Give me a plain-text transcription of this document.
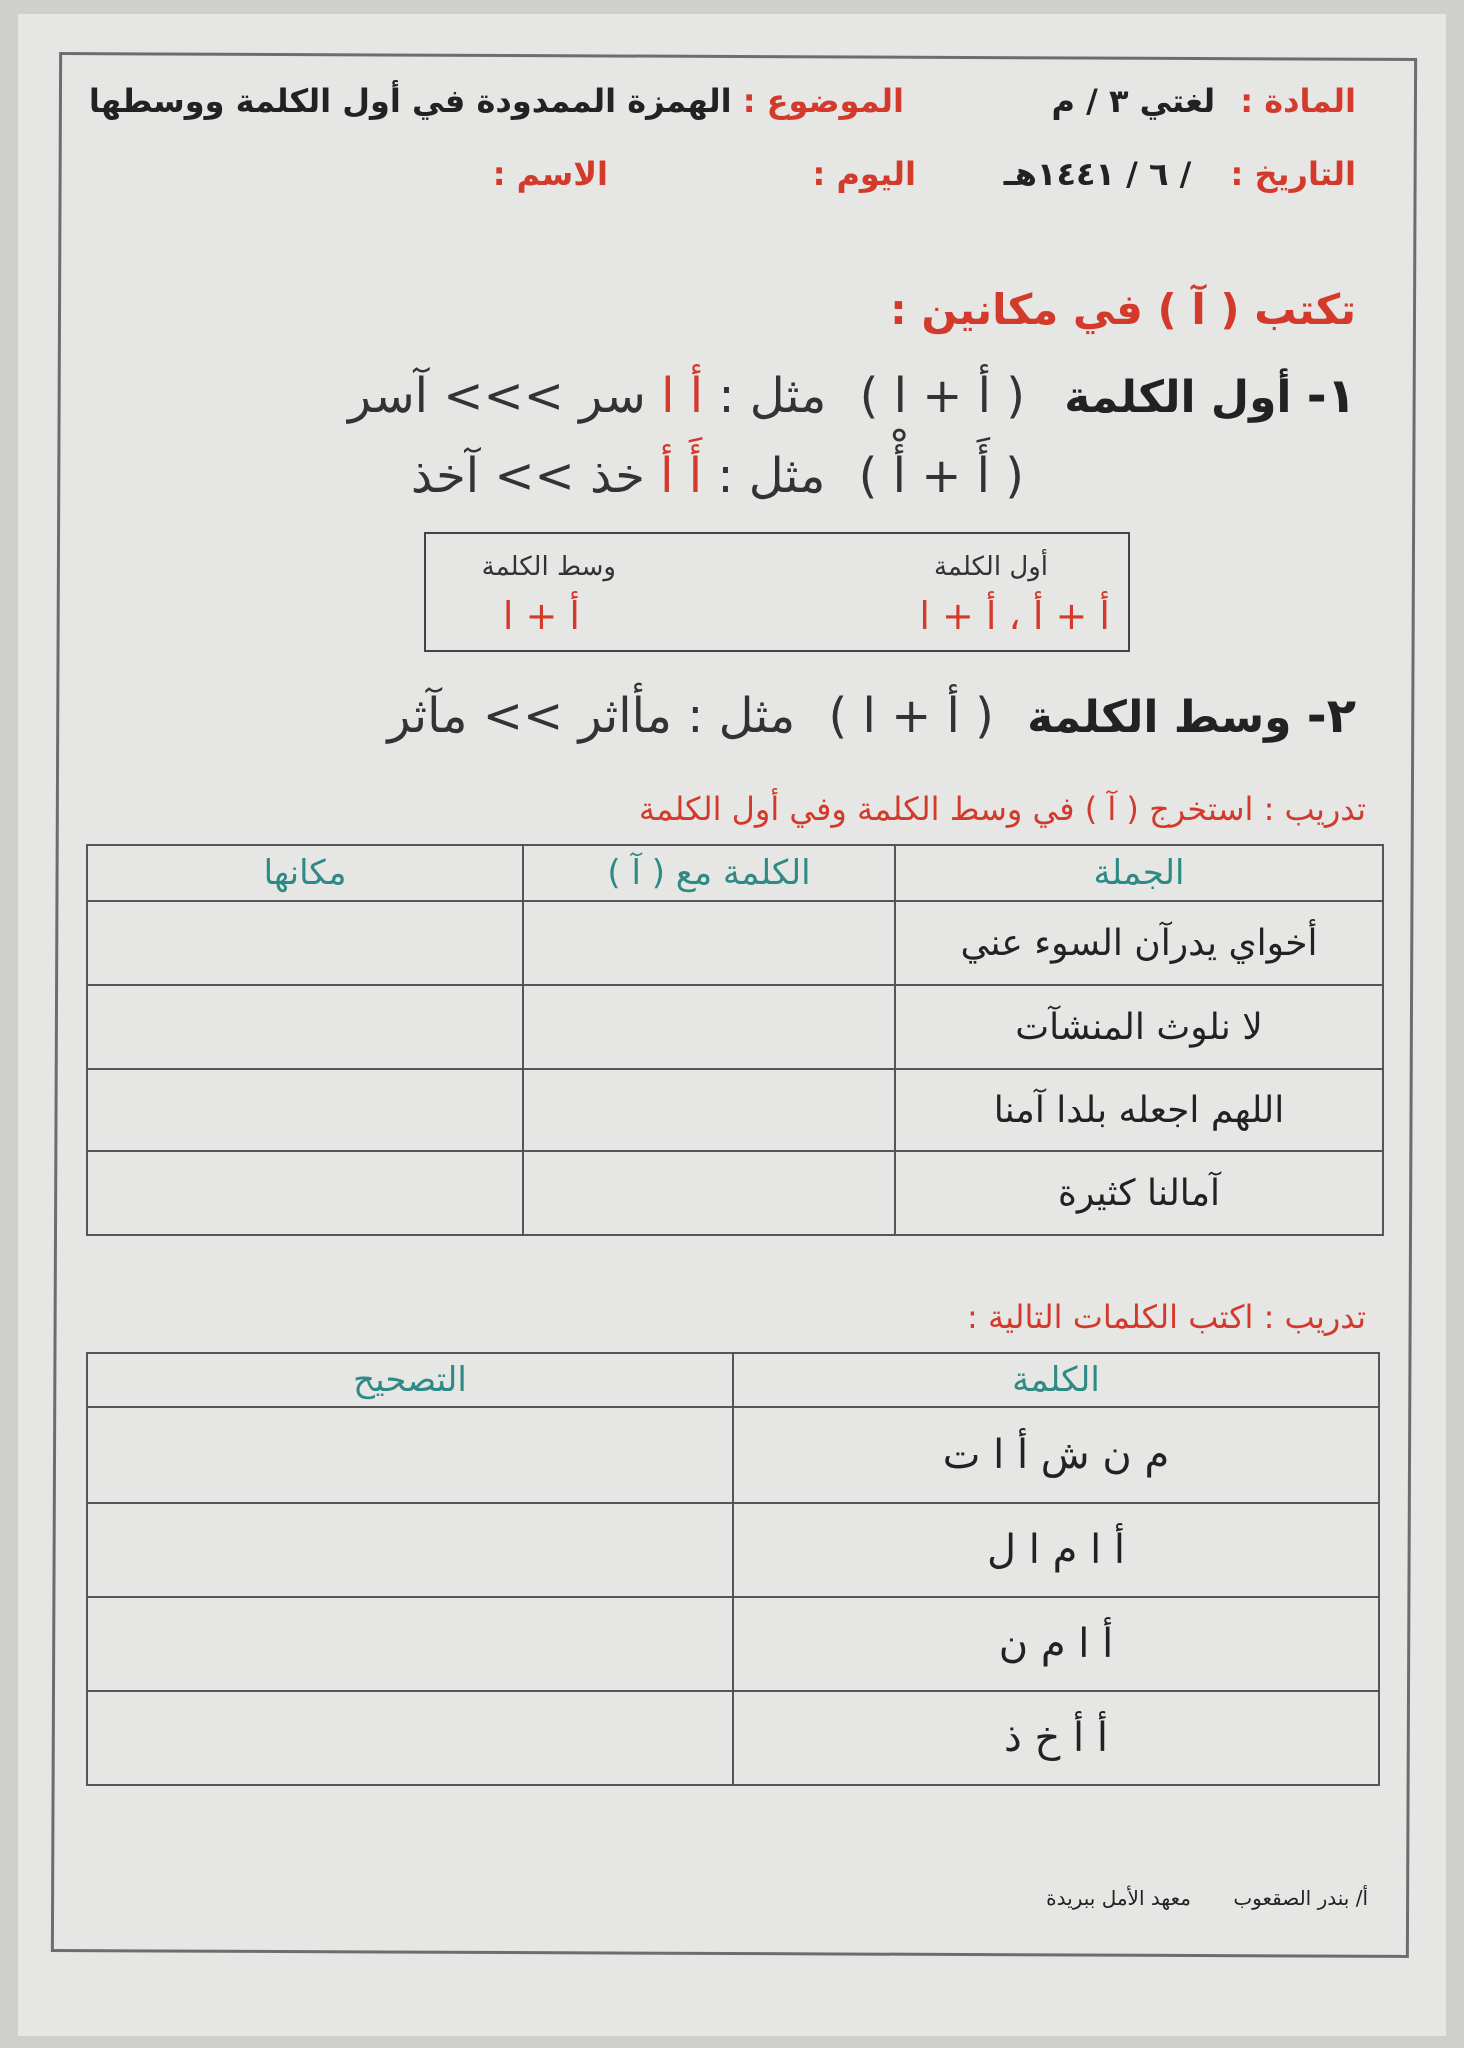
المادة : لغتي ٣ / م
الموضوع : الهمزة الممدودة في أول الكلمة ووسطها
التاريخ : / ٦ / ١٤٤١هـ
اليوم :
الاسم :
تكتب ( آ ) في مكانين :
١- أول الكلمة ( أ + ا ) مثل : أ ا سر >>> آسر
( أَ + أْ ) مثل : أَ أ خذ >> آخذ
أول الكلمة
أ + أ ، أ + ا
وسط الكلمة
أ + ا
٢- وسط الكلمة ( أ + ا ) مثل : مأاثر >> مآثر
تدريب : استخرج ( آ ) في وسط الكلمة وفي أول الكلمة
الجملة	الكلمة مع ( آ )	مكانها
أخواي يدرآن السوء عني		
لا نلوث المنشآت		
اللهم اجعله بلدا آمنا		
آمالنا كثيرة		
تدريب : اكتب الكلمات التالية :
الكلمة	التصحيح
م ن ش أ ا ت	
أ ا م ا ل	
أ ا م ن	
أ أ خ ذ	
أ/ بندر الصقعوب معهد الأمل ببريدة
